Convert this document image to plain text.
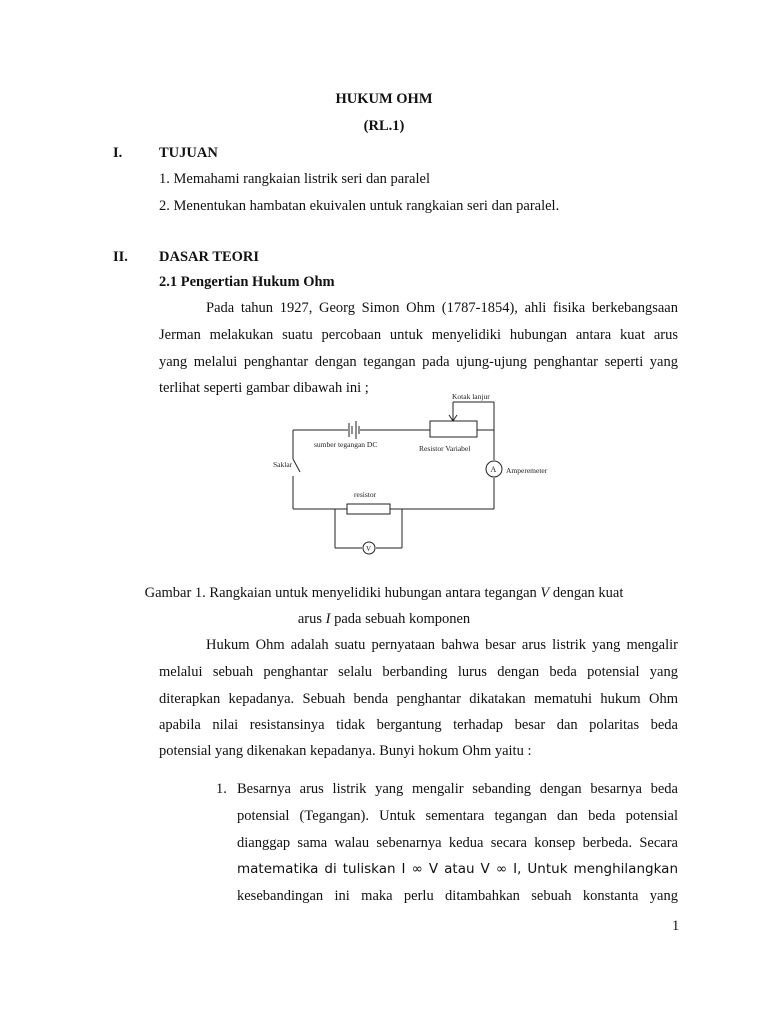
HUKUM OHM
(RL.1)
I.	TUJUAN
1. Memahami rangkaian listrik seri dan paralel
2. Menentukan hambatan ekuivalen untuk rangkaian seri dan paralel.
II. DASAR TEORI
2.1 Pengertian Hukum Ohm
Pada tahun 1927, Georg Simon Ohm (1787-1854), ahli fisika berkebangsaan
Jerman melakukan suatu percobaan untuk menyelidiki hubungan antara kuat arus
yang melalui penghantar dengan tegangan pada ujung-ujung penghantar seperti yang
terlihat seperti gambar dibawah ini ;
Kotak lanjur
sumber tegangan DC	Resistor Variabel
Saklar
Amperemeter
resistor
A
V
Gambar 1. Rangkaian untuk menyelidiki hubungan antara tegangan V dengan kuat
arus I pada sebuah komponen
Hukum Ohm adalah suatu pernyataan bahwa besar arus listrik yang mengalir
melalui sebuah penghantar selalu berbanding lurus dengan beda potensial yang
diterapkan kepadanya. Sebuah benda penghantar dikatakan mematuhi hukum Ohm
apabila nilai resistansinya tidak bergantung terhadap besar dan polaritas beda
potensial yang dikenakan kepadanya. Bunyi hokum Ohm yaitu :
1. Besarnya arus listrik yang mengalir sebanding dengan besarnya beda
potensial (Tegangan). Untuk sementara tegangan dan beda potensial
dianggap sama walau sebenarnya kedua secara konsep berbeda. Secara
matematika di tuliskan I ∞ V atau V ∞ I, Untuk menghilangkan
kesebandingan ini maka perlu ditambahkan sebuah konstanta yang
1
